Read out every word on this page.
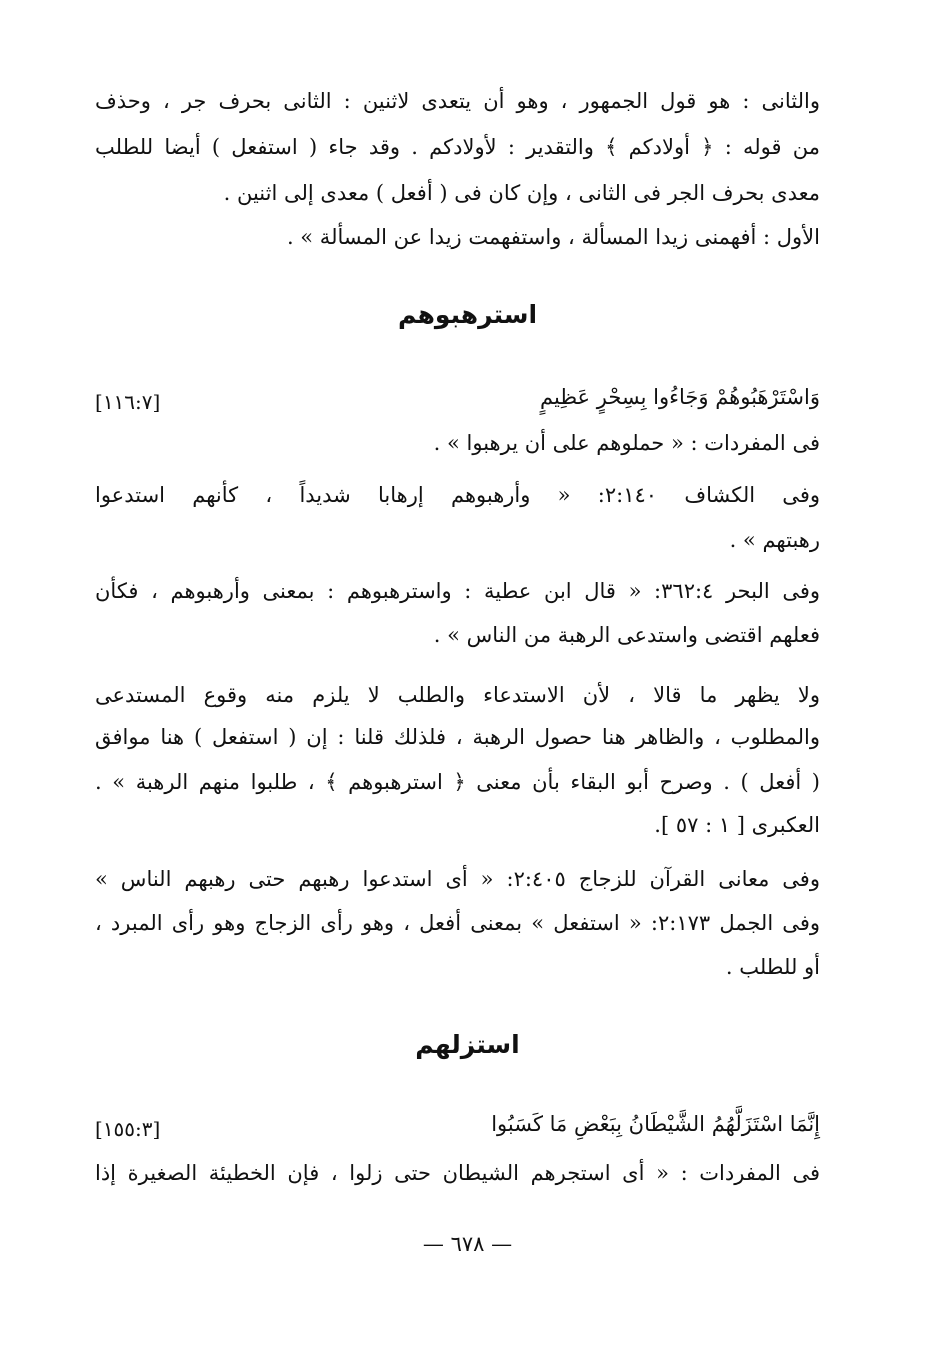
والثانى : هو قول الجمهور ، وهو أن يتعدى لاثنين : الثانى بحرف جر ، وحذف
من قوله : ﴿ أولادكم ﴾ والتقدير : لأولادكم . وقد جاء ( استفعل ) أيضا للطلب
معدى بحرف الجر فى الثانى ، وإن كان فى ( أفعل ) معدى إلى اثنين .
الأول : أفهمنى زيدا المسألة ، واستفهمت زيدا عن المسألة » .
استرهبوهم
وَاسْتَرْهَبُوهُمْ وَجَاءُوا بِسِحْرٍ عَظِيمٍ
[١١٦:٧]
فى المفردات : « حملوهم على أن يرهبوا » .
وفى الكشاف ٢:١٤٠: « وأرهبوهم إرهابا شديداً ، كأنهم استدعوا
رهبتهم » .
وفى البحر ٣٦٢:٤: « قال ابن عطية : واسترهبوهم : بمعنى وأرهبوهم ، فكأن
فعلهم اقتضى واستدعى الرهبة من الناس » .
ولا يظهر ما قالا ، لأن الاستدعاء والطلب لا يلزم منه وقوع المستدعى
والمطلوب ، والظاهر هنا حصول الرهبة ، فلذلك قلنا : إن ( استفعل ) هنا موافق
( أفعل ) . وصرح أبو البقاء بأن معنى ﴿ استرهبوهم ﴾ ، طلبوا منهم الرهبة » .
العكبرى [ ١ : ٥٧ ].
وفى معانى القرآن للزجاج ٢:٤٠٥: « أى استدعوا رهبهم حتى رهبهم الناس »
وفى الجمل ٢:١٧٣: « استفعل » بمعنى أفعل ، وهو رأى الزجاج وهو رأى المبرد ،
أو للطلب .
استزلهم
إِنَّمَا اسْتَزَلَّهُمُ الشَّيْطَانُ بِبَعْضِ مَا كَسَبُوا
[١٥٥:٣]
فى المفردات : « أى استجرهم الشيطان حتى زلوا ، فإن الخطيئة الصغيرة إذا
— ٦٧٨ —
